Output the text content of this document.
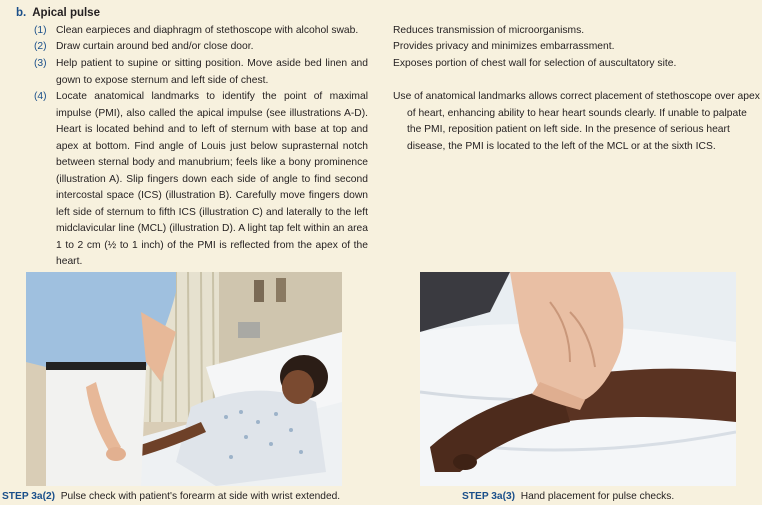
b. Apical pulse
(1) Clean earpieces and diaphragm of stethoscope with alcohol swab.
(2) Draw curtain around bed and/or close door.
(3) Help patient to supine or sitting position. Move aside bed linen and gown to expose sternum and left side of chest.
(4) Locate anatomical landmarks to identify the point of maximal impulse (PMI), also called the apical impulse (see illustrations A-D). Heart is located behind and to left of sternum with base at top and apex at bottom. Find angle of Louis just below suprasternal notch between sternal body and manubrium; feels like a bony prominence (illustration A). Slip fingers down each side of angle to find second intercostal space (ICS) (illustration B). Carefully move fingers down left side of sternum to fifth ICS (illustration C) and laterally to the left midclavicular line (MCL) (illustration D). A light tap felt within an area 1 to 2 cm (½ to 1 inch) of the PMI is reflected from the apex of the heart.
Reduces transmission of microorganisms.
Provides privacy and minimizes embarrassment.
Exposes portion of chest wall for selection of auscultatory site.
Use of anatomical landmarks allows correct placement of stethoscope over apex
of heart, enhancing ability to hear heart sounds clearly. If unable to palpate the PMI, reposition patient on left side. In the presence of serious heart disease, the PMI is located to the left of the MCL or at the sixth ICS.
STEP 3a(2) Pulse check with patient's forearm at side with wrist extended.	STEP 3a(3) Hand placement for pulse checks.
